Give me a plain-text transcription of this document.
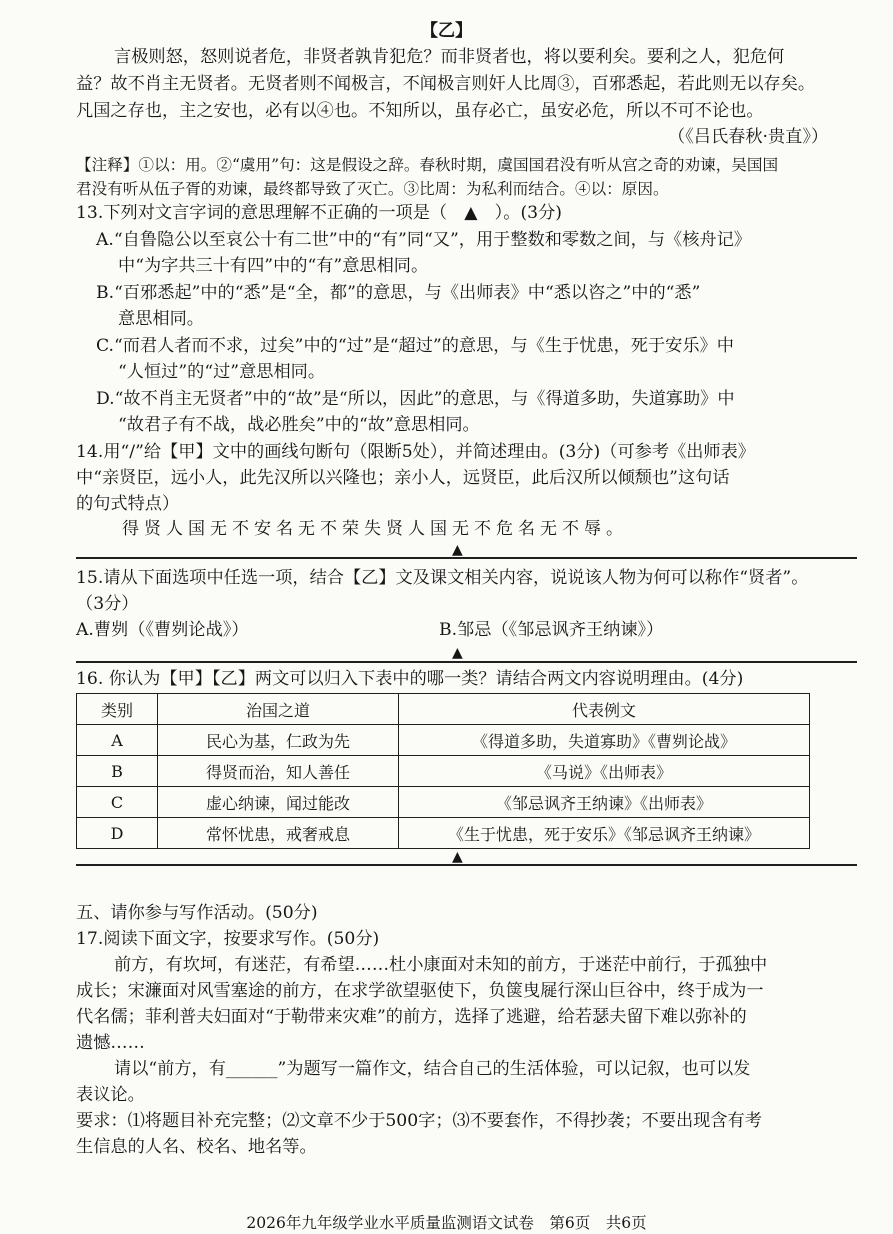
【乙】
言极则怒，怒则说者危，非贤者孰肯犯危？而非贤者也，将以要利矣。要利之人，犯危何
益？故不肖主无贤者。无贤者则不闻极言，不闻极言则奸人比周③，百邪悉起，若此则无以存矣。
凡国之存也，主之安也，必有以④也。不知所以，虽存必亡，虽安必危，所以不可不论也。
（《吕氏春秋·贵直》）
【注释】①以：用。②“虞用”句：这是假设之辞。春秋时期，虞国国君没有听从宫之奇的劝谏，吴国国
君没有听从伍子胥的劝谏，最终都导致了灭亡。③比周：为私利而结合。④以：原因。
13.下列对文言字词的意思理解不正确的一项是（　▲　）。(3分)
A.“自鲁隐公以至哀公十有二世”中的“有”同“又”，用于整数和零数之间，与《核舟记》
中“为字共三十有四”中的“有”意思相同。
B.“百邪悉起”中的“悉”是“全，都”的意思，与《出师表》中“悉以咨之”中的“悉”
意思相同。
C.“而君人者而不求，过矣”中的“过”是“超过”的意思，与《生于忧患，死于安乐》中
“人恒过”的“过”意思相同。
D.“故不肖主无贤者”中的“故”是“所以，因此”的意思，与《得道多助，失道寡助》中
“故君子有不战，战必胜矣”中的“故”意思相同。
14.用“/”给【甲】文中的画线句断句（限断5处），并简述理由。(3分)（可参考《出师表》
中“亲贤臣，远小人，此先汉所以兴隆也；亲小人，远贤臣，此后汉所以倾颓也”这句话
的句式特点）
得贤人国无不安名无不荣失贤人国无不危名无不辱。
▲
15.请从下面选项中任选一项，结合【乙】文及课文相关内容，说说该人物为何可以称作“贤者”。
（3分）
A.曹刿（《曹刿论战》）	B.邹忌（《邹忌讽齐王纳谏》）
▲
16. 你认为【甲】【乙】两文可以归入下表中的哪一类？请结合两文内容说明理由。(4分)
类别	治国之道	代表例文
A	民心为基，仁政为先	《得道多助，失道寡助》《曹刿论战》
B	得贤而治，知人善任	《马说》《出师表》
C	虚心纳谏，闻过能改	《邹忌讽齐王纳谏》《出师表》
D	常怀忧患，戒奢戒息	《生于忧患，死于安乐》《邹忌讽齐王纳谏》
▲
五、请你参与写作活动。(50分)
17.阅读下面文字，按要求写作。(50分)
前方，有坎坷，有迷茫，有希望……杜小康面对未知的前方，于迷茫中前行，于孤独中
成长；宋濂面对风雪塞途的前方，在求学欲望驱使下，负箧曳屣行深山巨谷中，终于成为一
代名儒；菲利普夫妇面对“于勒带来灾难”的前方，选择了逃避，给若瑟夫留下难以弥补的
遗憾……
请以“前方，有______”为题写一篇作文，结合自己的生活体验，可以记叙，也可以发
表议论。
要求：⑴将题目补充完整；⑵文章不少于500字；⑶不要套作，不得抄袭；不要出现含有考
生信息的人名、校名、地名等。
2026年九年级学业水平质量监测语文试卷　第6页　共6页
